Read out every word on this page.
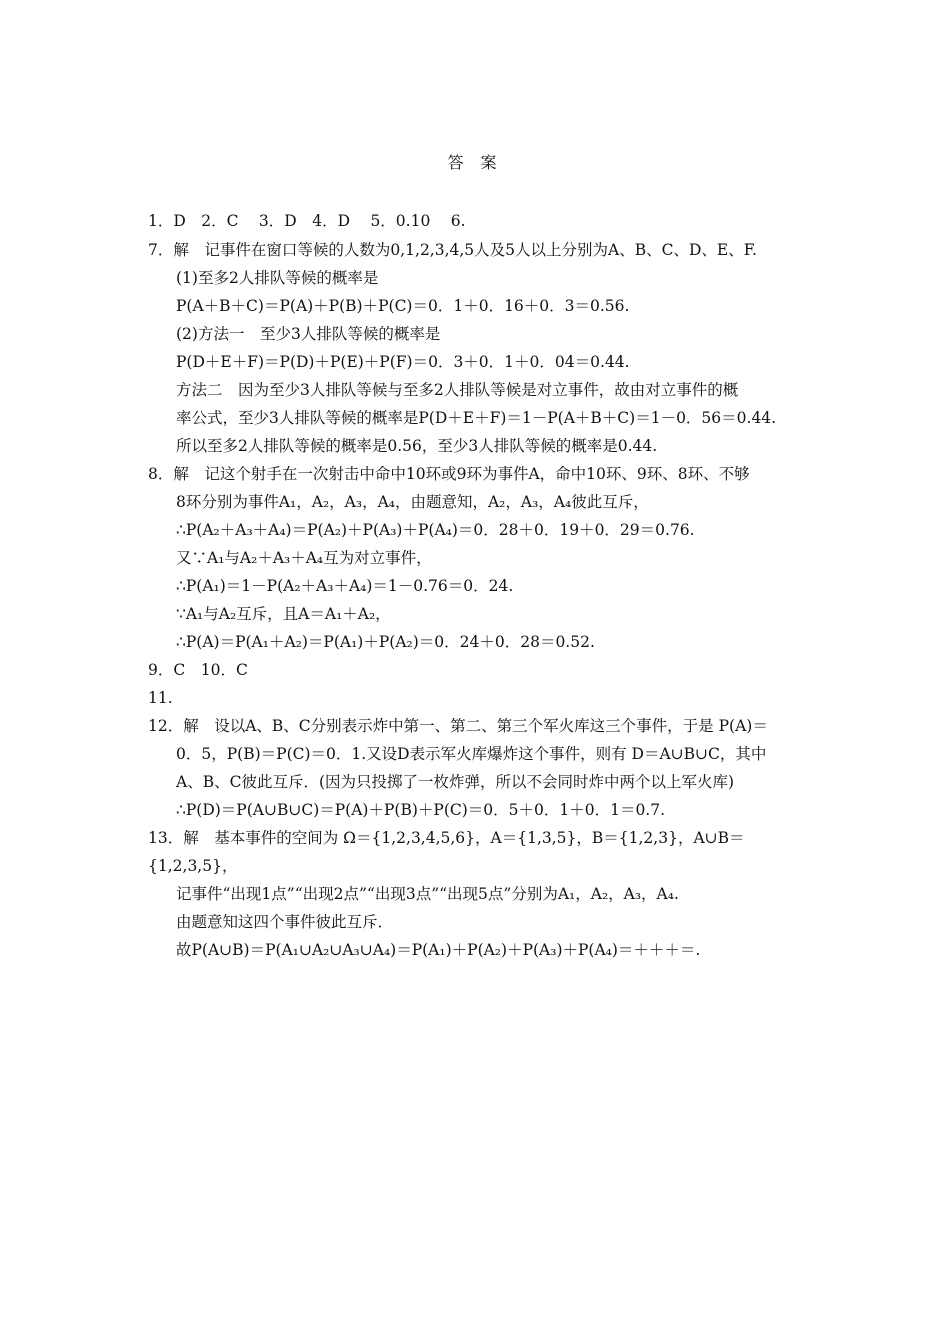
答 案
1．D　2．C　 3．D　4．D　 5．0.10　 6.
7．解　记事件在窗口等候的人数为0,1,2,3,4,5人及5人以上分别为A、B、C、D、E、F.
(1)至多2人排队等候的概率是
P(A＋B＋C)＝P(A)＋P(B)＋P(C)＝0．1＋0．16＋0．3＝0.56.
(2)方法一　至少3人排队等候的概率是
P(D＋E＋F)＝P(D)＋P(E)＋P(F)＝0．3＋0．1＋0．04＝0.44.
方法二　因为至少3人排队等候与至多2人排队等候是对立事件，故由对立事件的概
率公式，至少3人排队等候的概率是P(D＋E＋F)＝1－P(A＋B＋C)＝1－0．56＝0.44.
所以至多2人排队等候的概率是0.56，至少3人排队等候的概率是0.44.
8．解　记这个射手在一次射击中命中10环或9环为事件A，命中10环、9环、8环、不够
8环分别为事件A₁，A₂，A₃，A₄，由题意知，A₂，A₃，A₄彼此互斥，
∴P(A₂＋A₃＋A₄)＝P(A₂)＋P(A₃)＋P(A₄)＝0．28＋0．19＋0．29＝0.76.
又∵A₁与A₂＋A₃＋A₄互为对立事件，
∴P(A₁)＝1－P(A₂＋A₃＋A₄)＝1－0.76＝0．24.
∵A₁与A₂互斥，且A＝A₁＋A₂，
∴P(A)＝P(A₁＋A₂)＝P(A₁)＋P(A₂)＝0．24＋0．28＝0.52.
9．C　10．C
11.
12．解　设以A、B、C分别表示炸中第一、第二、第三个军火库这三个事件，于是 P(A)＝
0．5，P(B)＝P(C)＝0．1.又设D表示军火库爆炸这个事件，则有 D＝A∪B∪C，其中
A、B、C彼此互斥．(因为只投掷了一枚炸弹，所以不会同时炸中两个以上军火库)
∴P(D)＝P(A∪B∪C)＝P(A)＋P(B)＋P(C)＝0．5＋0．1＋0．1＝0.7.
13．解　基本事件的空间为 Ω＝{1,2,3,4,5,6}，A＝{1,3,5}，B＝{1,2,3}，A∪B＝
{1,2,3,5}，
记事件“出现1点”“出现2点”“出现3点”“出现5点”分别为A₁，A₂，A₃，A₄.
由题意知这四个事件彼此互斥．
故P(A∪B)＝P(A₁∪A₂∪A₃∪A₄)＝P(A₁)＋P(A₂)＋P(A₃)＋P(A₄)＝＋＋＋＝.
